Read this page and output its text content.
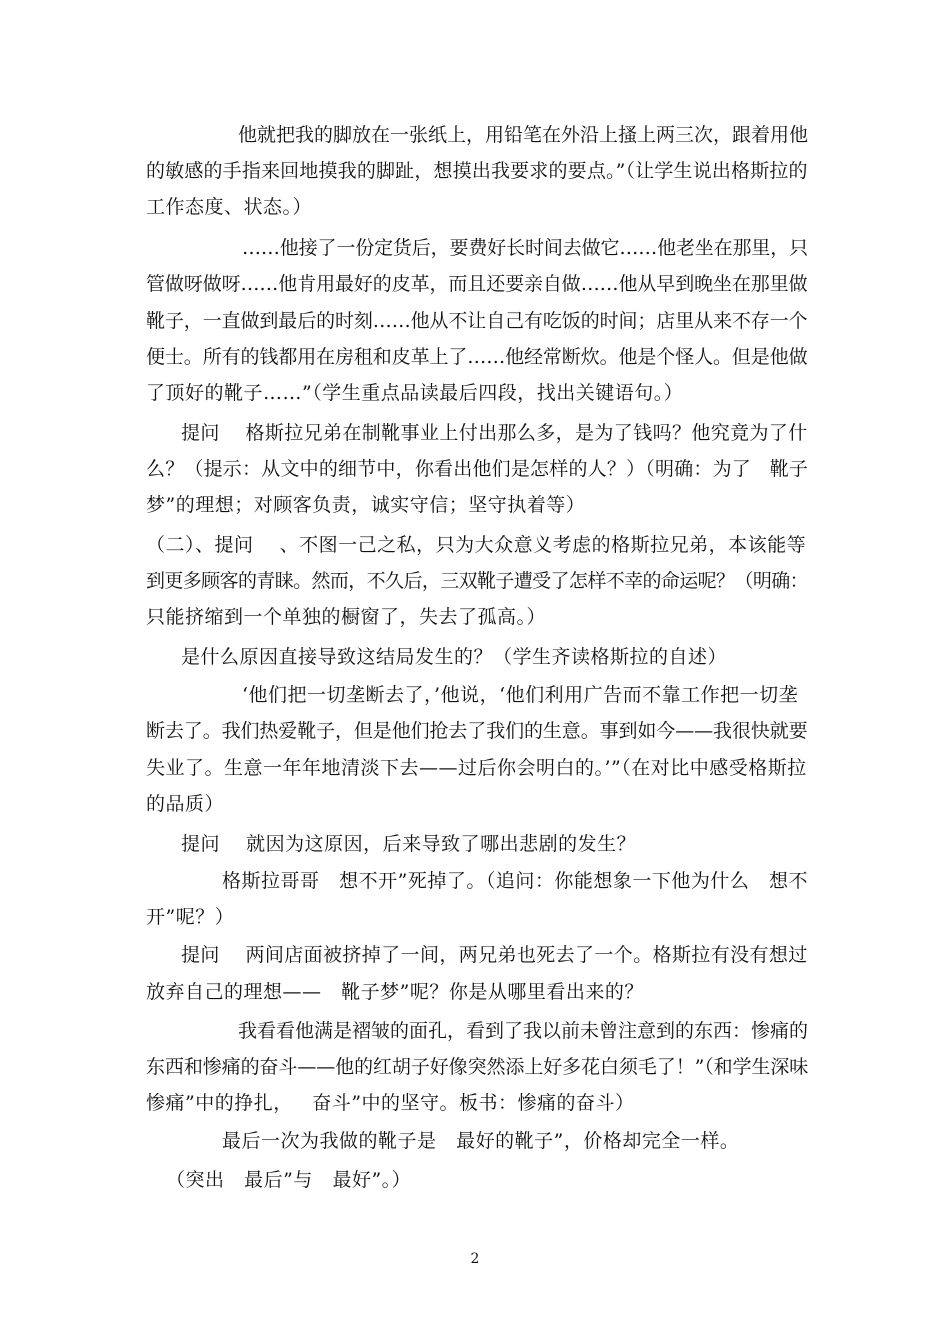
他就把我的脚放在一张纸上，用铅笔在外沿上搔上两三次，跟着用他
的敏感的手指来回地摸我的脚趾，想摸出我要求的要点。”（让学生说出格斯拉的
工作态度、状态。）
……他接了一份定货后，要费好长时间去做它……他老坐在那里，只
管做呀做呀……他肯用最好的皮革，而且还要亲自做……他从早到晚坐在那里做
靴子，一直做到最后的时刻……他从不让自己有吃饭的时间；店里从来不存一个
便士。所有的钱都用在房租和皮革上了……他经常断炊。他是个怪人。但是他做
了顶好的靴子……”（学生重点品读最后四段，找出关键语句。）
提问    格斯拉兄弟在制靴事业上付出那么多，是为了钱吗？他究竟为了什
么？（提示：从文中的细节中，你看出他们是怎样的人？）（明确：为了   靴子
梦”的理想；对顾客负责，诚实守信；坚守执着等）
（二）、提问    、不图一己之私，只为大众意义考虑的格斯拉兄弟，本该能等
到更多顾客的青睐。然而，不久后，三双靴子遭受了怎样不幸的命运呢？（明确：
只能挤缩到一个单独的橱窗了，失去了孤高。）
是什么原因直接导致这结局发生的？（学生齐读格斯拉的自述）
‘他们把一切垄断去了，’他说，‘他们利用广告而不靠工作把一切垄
断去了。我们热爱靴子，但是他们抢去了我们的生意。事到如今——我很快就要
失业了。生意一年年地清淡下去——过后你会明白的。’”（在对比中感受格斯拉
的品质）
提问    就因为这原因，后来导致了哪出悲剧的发生？
格斯拉哥哥   想不开”死掉了。（追问：你能想象一下他为什么   想不
开”呢？）
提问    两间店面被挤掉了一间，两兄弟也死去了一个。格斯拉有没有想过
放弃自己的理想——   靴子梦”呢？你是从哪里看出来的？
我看看他满是褶皱的面孔，看到了我以前未曾注意到的东西：惨痛的
东西和惨痛的奋斗——他的红胡子好像突然添上好多花白须毛了！”（和学生深味
惨痛”中的挣扎，   奋斗”中的坚守。板书：惨痛的奋斗）
最后一次为我做的靴子是   最好的靴子”，价格却完全一样。
（突出   最后”与   最好”。）
2
